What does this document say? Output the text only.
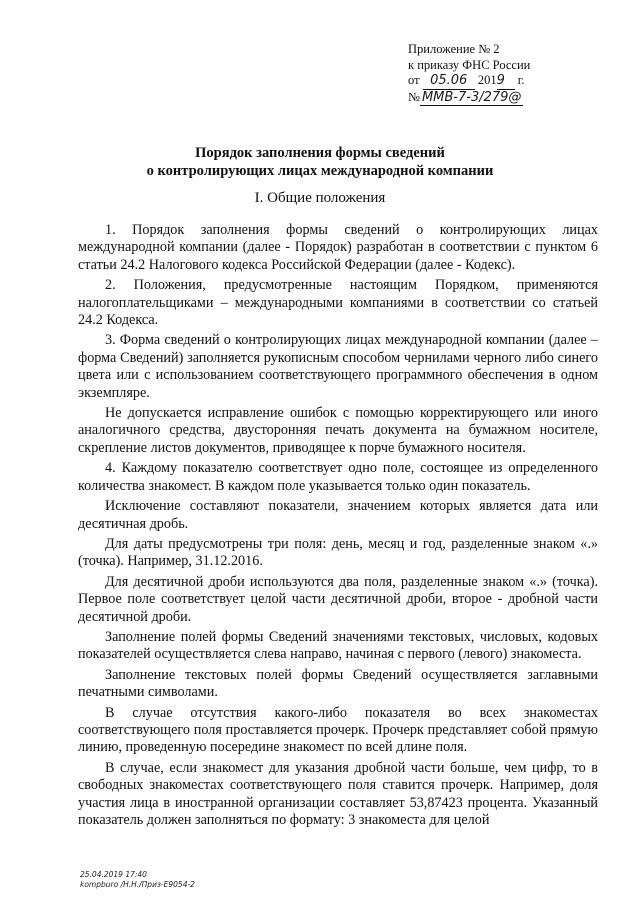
Приложение № 2
к приказу ФНС России
от 05.06 2019 г.
№ ММВ-7-3/279@
Порядок заполнения формы сведений
о контролирующих лицах международной компании
I. Общие положения

1. Порядок заполнения формы сведений о контролирующих лицах международной компании (далее - Порядок) разработан в соответствии с пунктом 6 статьи 24.2 Налогового кодекса Российской Федерации (далее - Кодекс).

2. Положения, предусмотренные настоящим Порядком, применяются налогоплательщиками – международными компаниями в соответствии со статьей 24.2 Кодекса.

3. Форма сведений о контролирующих лицах международной компании (далее – форма Сведений) заполняется рукописным способом чернилами черного либо синего цвета или с использованием соответствующего программного обеспечения в одном экземпляре.

Не допускается исправление ошибок с помощью корректирующего или иного аналогичного средства, двусторонняя печать документа на бумажном носителе, скрепление листов документов, приводящее к порче бумажного носителя.

4. Каждому показателю соответствует одно поле, состоящее из определенного количества знакомест. В каждом поле указывается только один показатель.

Исключение составляют показатели, значением которых является дата или десятичная дробь.

Для даты предусмотрены три поля: день, месяц и год, разделенные знаком «.» (точка). Например, 31.12.2016.

Для десятичной дроби используются два поля, разделенные знаком «.» (точка). Первое поле соответствует целой части десятичной дроби, второе - дробной части десятичной дроби.

Заполнение полей формы Сведений значениями текстовых, числовых, кодовых показателей осуществляется слева направо, начиная с первого (левого) знакоместа.

Заполнение текстовых полей формы Сведений осуществляется заглавными печатными символами.

В случае отсутствия какого-либо показателя во всех знакоместах соответствующего поля проставляется прочерк. Прочерк представляет собой прямую линию, проведенную посередине знакомест по всей длине поля.

В случае, если знакомест для указания дробной части больше, чем цифр, то в свободных знакоместах соответствующего поля ставится прочерк. Например, доля участия лица в иностранной организации составляет 53,87423 процента. Указанный показатель должен заполняться по формату: 3 знакоместа для целой

25.04.2019 17:40
kompburo /Н.Н./Приз-Е9054-2
